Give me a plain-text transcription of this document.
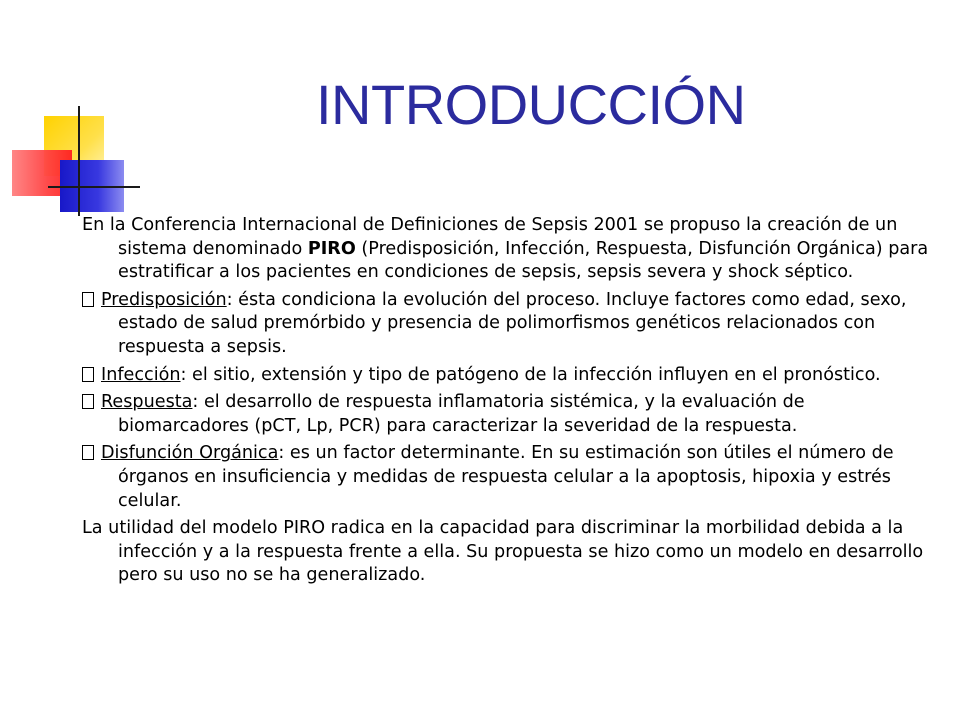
INTRODUCCIÓN

En la Conferencia Internacional de Definiciones de Sepsis 2001 se propuso la creación de un sistema denominado PIRO (Predisposición, Infección, Respuesta, Disfunción Orgánica) para estratificar a los pacientes en condiciones de sepsis, sepsis severa y shock séptico.

Predisposición: ésta condiciona la evolución del proceso. Incluye factores como edad, sexo, estado de salud premórbido y presencia de polimorfismos genéticos relacionados con respuesta a sepsis.

Infección: el sitio, extensión y tipo de patógeno de la infección influyen en el pronóstico.

Respuesta: el desarrollo de respuesta inflamatoria sistémica, y la evaluación de biomarcadores (pCT, Lp, PCR) para caracterizar la severidad de la respuesta.

Disfunción Orgánica: es un factor determinante. En su estimación son útiles el número de órganos en insuficiencia y medidas de respuesta celular a la apoptosis, hipoxia y estrés celular.

La utilidad del modelo PIRO radica en la capacidad para discriminar la morbilidad debida a la infección y a la respuesta frente a ella. Su propuesta se hizo como un modelo en desarrollo pero su uso no se ha generalizado.
